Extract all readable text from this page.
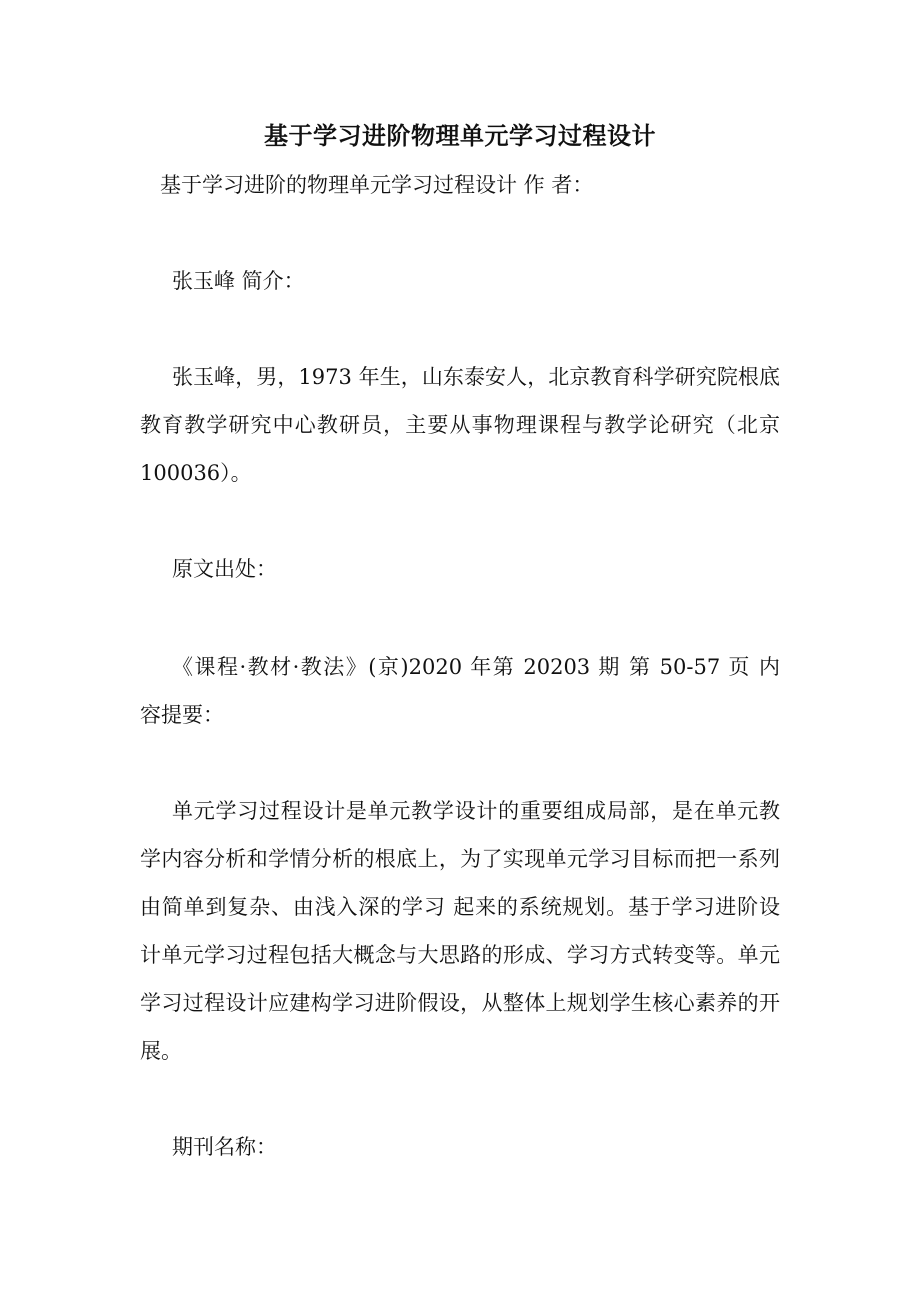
基于学习进阶物理单元学习过程设计

基于学习进阶的物理单元学习过程设计 作 者：

张玉峰 简介：

张玉峰，男，1973 年生，山东泰安人，北京教育科学研究院根底

教育教学研究中心教研员，主要从事物理课程与教学论研究（北京

100036）。

原文出处：

《课程·教材·教法》(京)2020 年第 20203 期 第 50-57 页 内

容提要：

单元学习过程设计是单元教学设计的重要组成局部，是在单元教

学内容分析和学情分析的根底上，为了实现单元学习目标而把一系列

由简单到复杂、由浅入深的学习 起来的系统规划。基于学习进阶设

计单元学习过程包括大概念与大思路的形成、学习方式转变等。单元

学习过程设计应建构学习进阶假设，从整体上规划学生核心素养的开

展。

期刊名称：
